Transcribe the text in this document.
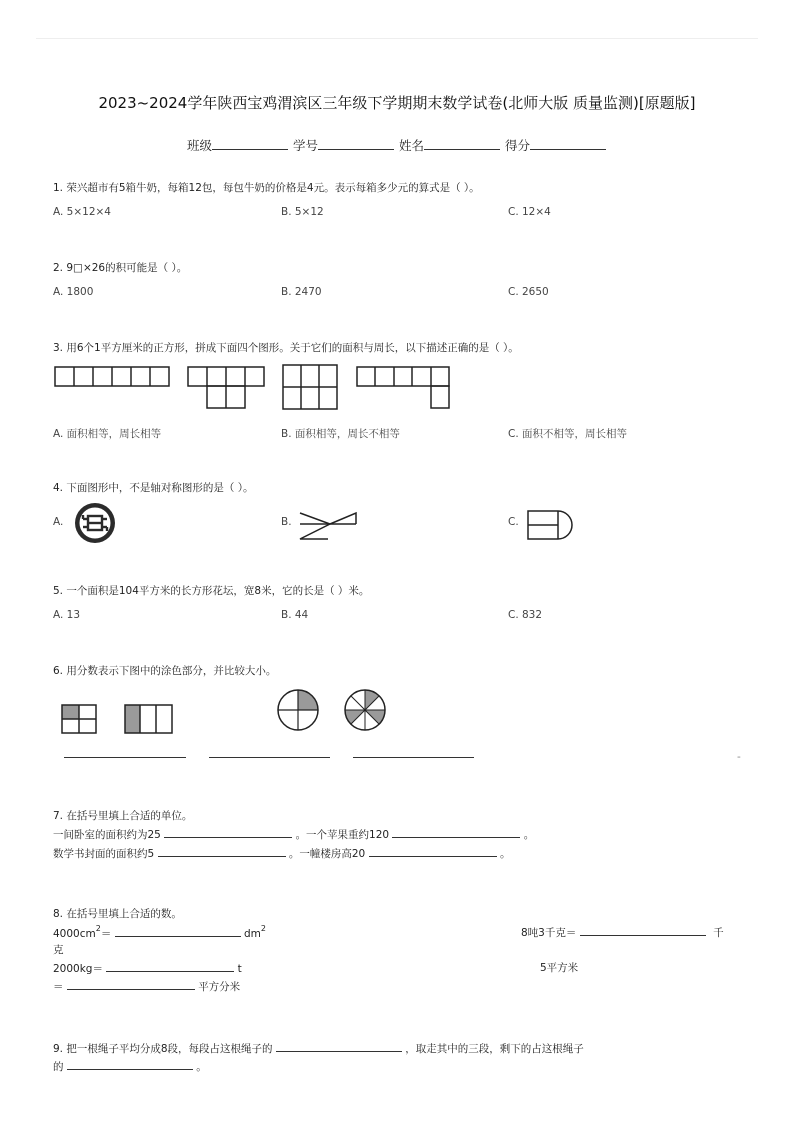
2023~2024学年陕西宝鸡渭滨区三年级下学期期末数学试卷(北师大版 质量监测)[原题版]
班级	学号	姓名	得分
1. 荣兴超市有5箱牛奶，每箱12包，每包牛奶的价格是4元。表示每箱多少元的算式是（ ）。
A. 5×12×4	B. 5×12	C. 12×4
2. 9□×26的积可能是（ ）。
A. 1800	B. 2470	C. 2650
3. 用6个1平方厘米的正方形，拼成下面四个图形。关于它们的面积与周长，以下描述正确的是（ ）。
A. 面积相等，周长相等	B. 面积相等，周长不相等	C. 面积不相等，周长相等
4. 下面图形中，不是轴对称图形的是（ ）。
A.	B.	C.
5. 一个面积是104平方米的长方形花坛，宽8米，它的长是（ ）米。
A. 13	B. 44	C. 832
6. 用分数表示下图中的涂色部分，并比较大小。
-
7. 在括号里填上合适的单位。
一间卧室的面积约为25	。一个苹果重约120	。
数学书封面的面积约5	。一幢楼房高20	。
8. 在括号里填上合适的数。
$4000cm^2=$	$dm^2$	8吨3千克＝	千
克
2000kg＝	t	5平方米
＝	平方分米
9. 把一根绳子平均分成8段，每段占这根绳子的	，取走其中的三段，剩下的占这根绳子
的	。
